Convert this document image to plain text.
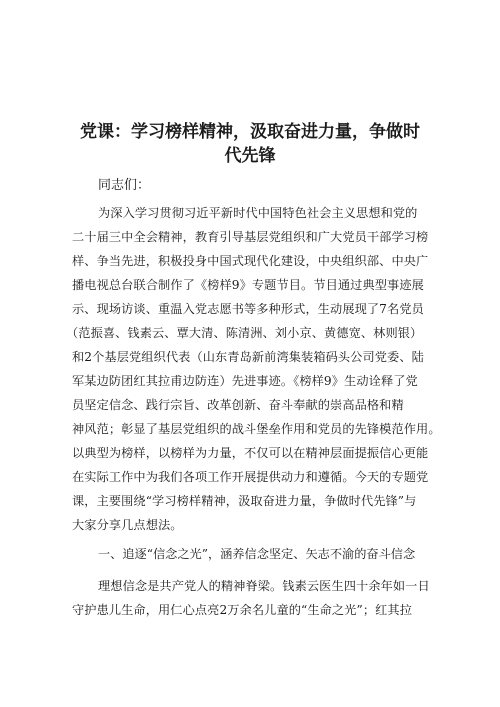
党课：学习榜样精神，汲取奋进力量，争做时
代先锋

同志们：

为深入学习贯彻习近平新时代中国特色社会主义思想和党的

二十届三中全会精神，教育引导基层党组织和广大党员干部学习榜

样、争当先进，积极投身中国式现代化建设，中央组织部、中央广

播电视总台联合制作了《榜样9》专题节目。节目通过典型事迹展

示、现场访谈、重温入党志愿书等多种形式，生动展现了7名党员

（范振喜、钱素云、覃大清、陈清洲、刘小京、黄德宽、林则银）

和2个基层党组织代表（山东青岛新前湾集装箱码头公司党委、陆

军某边防团红其拉甫边防连）先进事迹。《榜样9》生动诠释了党

员坚定信念、践行宗旨、改革创新、奋斗奉献的崇高品格和精

神风范；彰显了基层党组织的战斗堡垒作用和党员的先锋模范作用。

以典型为榜样，以榜样为力量，不仅可以在精神层面提振信心更能

在实际工作中为我们各项工作开展提供动力和遵循。今天的专题党

课，主要围绕“学习榜样精神，汲取奋进力量，争做时代先锋”与

大家分享几点想法。

一、追逐“信念之光”，涵养信念坚定、矢志不渝的奋斗信念

理想信念是共产党人的精神脊梁。钱素云医生四十余年如一日

守护患儿生命，用仁心点亮2万余名儿童的“生命之光”；红其拉
